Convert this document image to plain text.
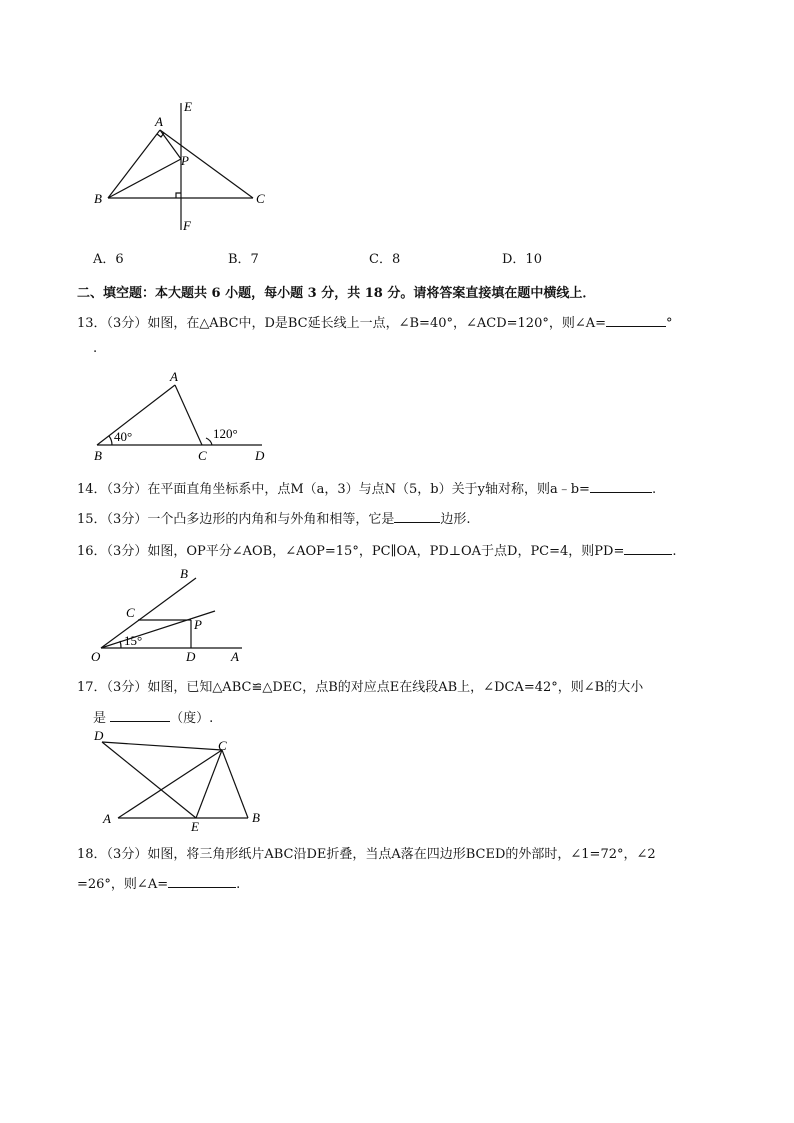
A
E
P
B	C
F
A．6	B．7	C．8	D．10
二、填空题：本大题共 6 小题，每小题 3 分，共 18 分。请将答案直接填在题中横线上．
13．（3分）如图，在△ABC中，D是BC延长线上一点，∠B=40°，∠ACD=120°，则∠A=	°
.
A
40°	120°
B	C	D
14．（3分）在平面直角坐标系中，点M（a，3）与点N（5，b）关于y轴对称，则a﹣b=	.
15．（3分）一个凸多边形的内角和与外角和相等，它是	边形.
16．（3分）如图，OP平分∠AOB，∠AOP=15°，PC∥OA，PD⊥OA于点D，PC=4，则PD=	.
B
C
P
15°
O	D	A
17．（3分）如图，已知△ABC≌△DEC，点B的对应点E在线段AB上，∠DCA=42°，则∠B的大小
是	（度）.
D
C
A
E
B
18．（3分）如图，将三角形纸片ABC沿DE折叠，当点A落在四边形BCED的外部时，∠1=72°，∠2
=26°，则∠A=	.
